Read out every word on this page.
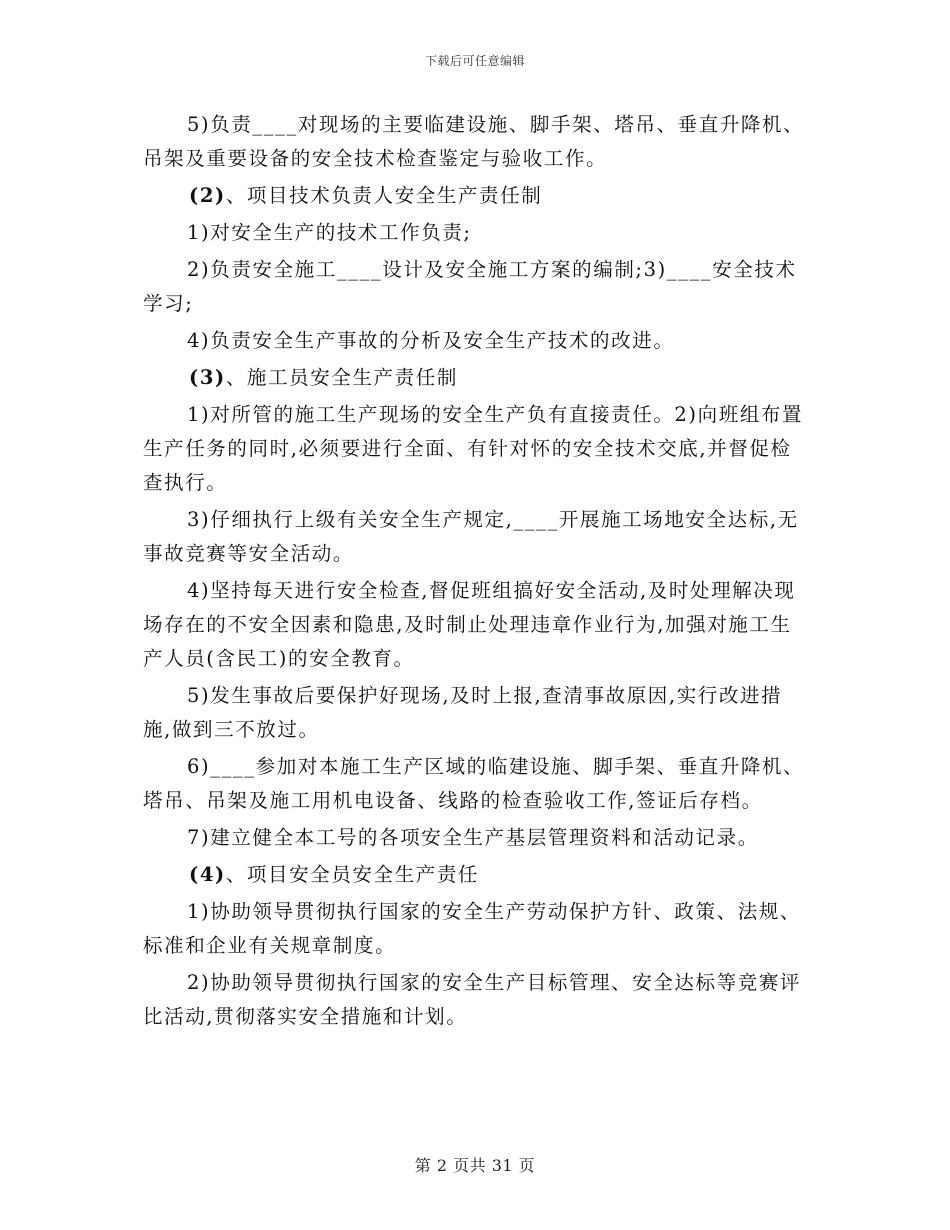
下载后可任意编辑

5)负责____对现场的主要临建设施、脚手架、塔吊、垂直升降机、吊架及重要设备的安全技术检查鉴定与验收工作。

(2)、项目技术负责人安全生产责任制

1)对安全生产的技术工作负责;

2)负责安全施工____设计及安全施工方案的编制;3)____安全技术学习;

4)负责安全生产事故的分析及安全生产技术的改进。

(3)、施工员安全生产责任制

1)对所管的施工生产现场的安全生产负有直接责任。2)向班组布置生产任务的同时,必须要进行全面、有针对怀的安全技术交底,并督促检查执行。

3)仔细执行上级有关安全生产规定,____开展施工场地安全达标,无事故竞赛等安全活动。

4)坚持每天进行安全检查,督促班组搞好安全活动,及时处理解决现场存在的不安全因素和隐患,及时制止处理违章作业行为,加强对施工生产人员(含民工)的安全教育。

5)发生事故后要保护好现场,及时上报,查清事故原因,实行改进措施,做到三不放过。

6)____参加对本施工生产区域的临建设施、脚手架、垂直升降机、塔吊、吊架及施工用机电设备、线路的检查验收工作,签证后存档。

7)建立健全本工号的各项安全生产基层管理资料和活动记录。

(4)、项目安全员安全生产责任

1)协助领导贯彻执行国家的安全生产劳动保护方针、政策、法规、标准和企业有关规章制度。

2)协助领导贯彻执行国家的安全生产目标管理、安全达标等竞赛评比活动,贯彻落实安全措施和计划。

第 2 页共 31 页
